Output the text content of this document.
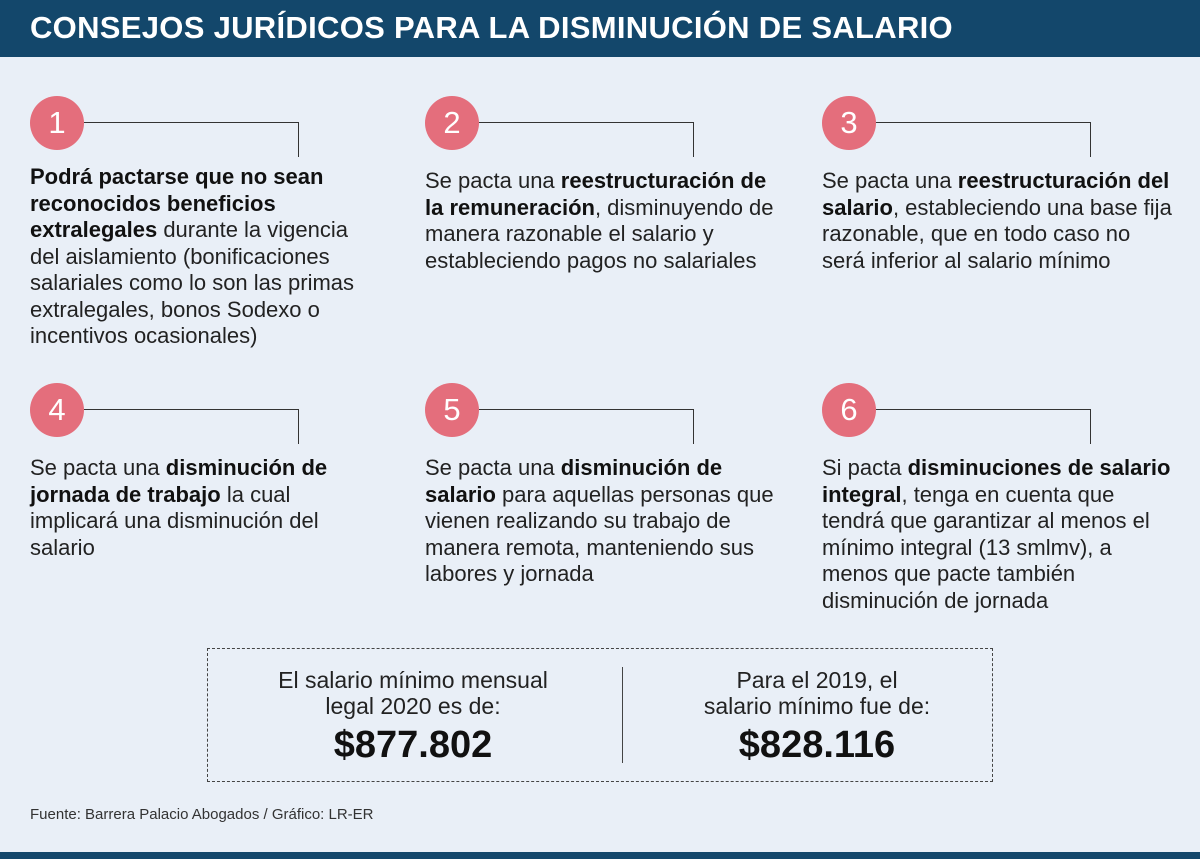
CONSEJOS JURÍDICOS PARA LA DISMINUCIÓN DE SALARIO
1
Podrá pactarse que no sean reconocidos beneficios extralegales durante la vigencia del aislamiento (bonificaciones salariales como lo son las primas extralegales, bonos Sodexo o incentivos ocasionales)
2
Se pacta una reestructuración de la remuneración, disminuyendo de manera razonable el salario y estableciendo pagos no salariales
3
Se pacta una reestructuración del salario, estableciendo una base fija razonable, que en todo caso no será inferior al salario mínimo
4
Se pacta una disminución de jornada de trabajo la cual implicará una disminución del salario
5
Se pacta una disminución de salario para aquellas personas que vienen realizando su trabajo de manera remota, manteniendo sus labores y jornada
6
Si pacta disminuciones de salario integral, tenga en cuenta que tendrá que garantizar al menos el mínimo integral (13 smlmv), a menos que pacte también disminución de jornada
El salario mínimo mensual
legal 2020 es de:
$877.802
Para el 2019, el
salario mínimo fue de:
$828.116
Fuente: Barrera Palacio Abogados / Gráfico: LR-ER
